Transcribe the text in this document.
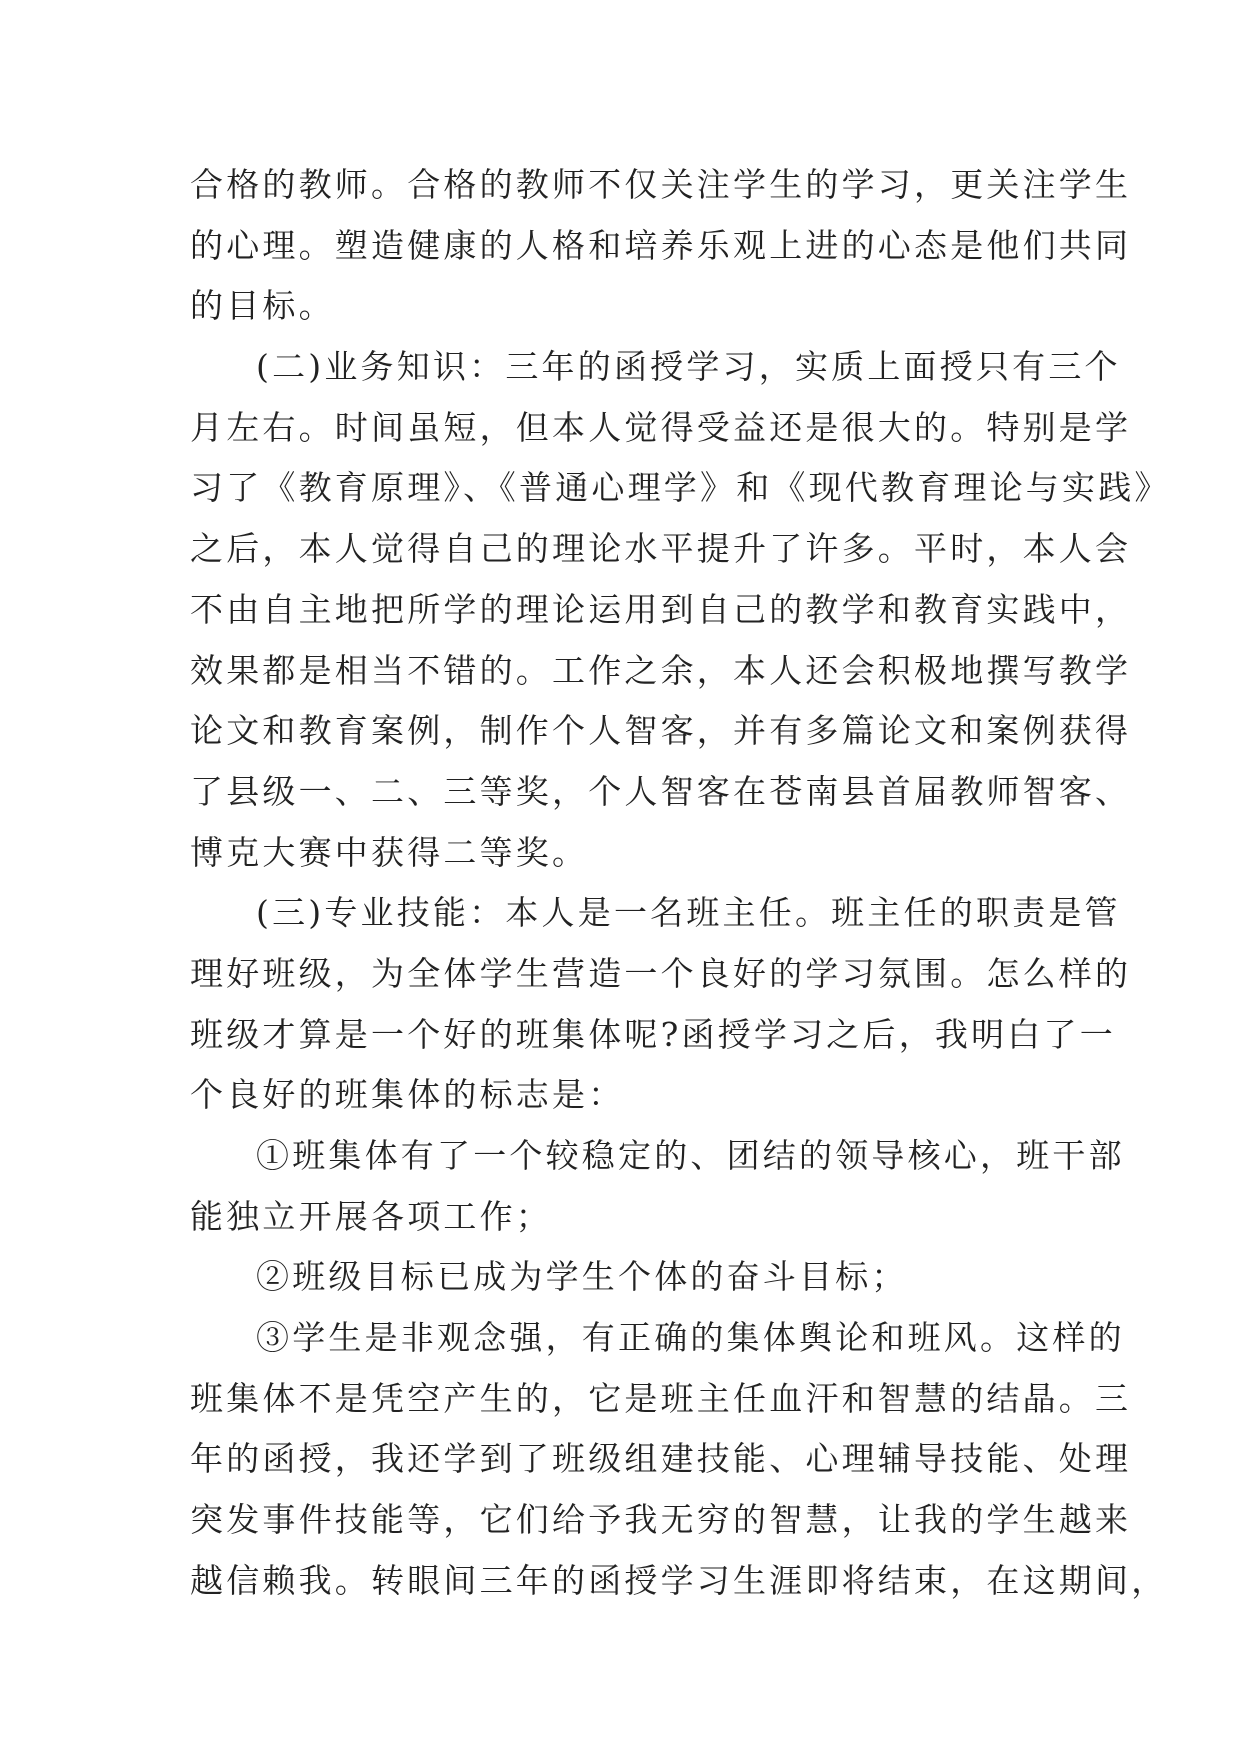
合格的教师。合格的教师不仅关注学生的学习，更关注学生
的心理。塑造健康的人格和培养乐观上进的心态是他们共同
的目标。
(二)业务知识：三年的函授学习，实质上面授只有三个
月左右。时间虽短，但本人觉得受益还是很大的。特别是学
习了《教育原理》、《普通心理学》和《现代教育理论与实践》
之后，本人觉得自己的理论水平提升了许多。平时，本人会
不由自主地把所学的理论运用到自己的教学和教育实践中，
效果都是相当不错的。工作之余，本人还会积极地撰写教学
论文和教育案例，制作个人智客，并有多篇论文和案例获得
了县级一、二、三等奖，个人智客在苍南县首届教师智客、
博克大赛中获得二等奖。
(三)专业技能：本人是一名班主任。班主任的职责是管
理好班级，为全体学生营造一个良好的学习氛围。怎么样的
班级才算是一个好的班集体呢?函授学习之后，我明白了一
个良好的班集体的标志是：
①班集体有了一个较稳定的、团结的领导核心，班干部
能独立开展各项工作；
②班级目标已成为学生个体的奋斗目标；
③学生是非观念强，有正确的集体舆论和班风。这样的
班集体不是凭空产生的，它是班主任血汗和智慧的结晶。三
年的函授，我还学到了班级组建技能、心理辅导技能、处理
突发事件技能等，它们给予我无穷的智慧，让我的学生越来
越信赖我。转眼间三年的函授学习生涯即将结束，在这期间，
